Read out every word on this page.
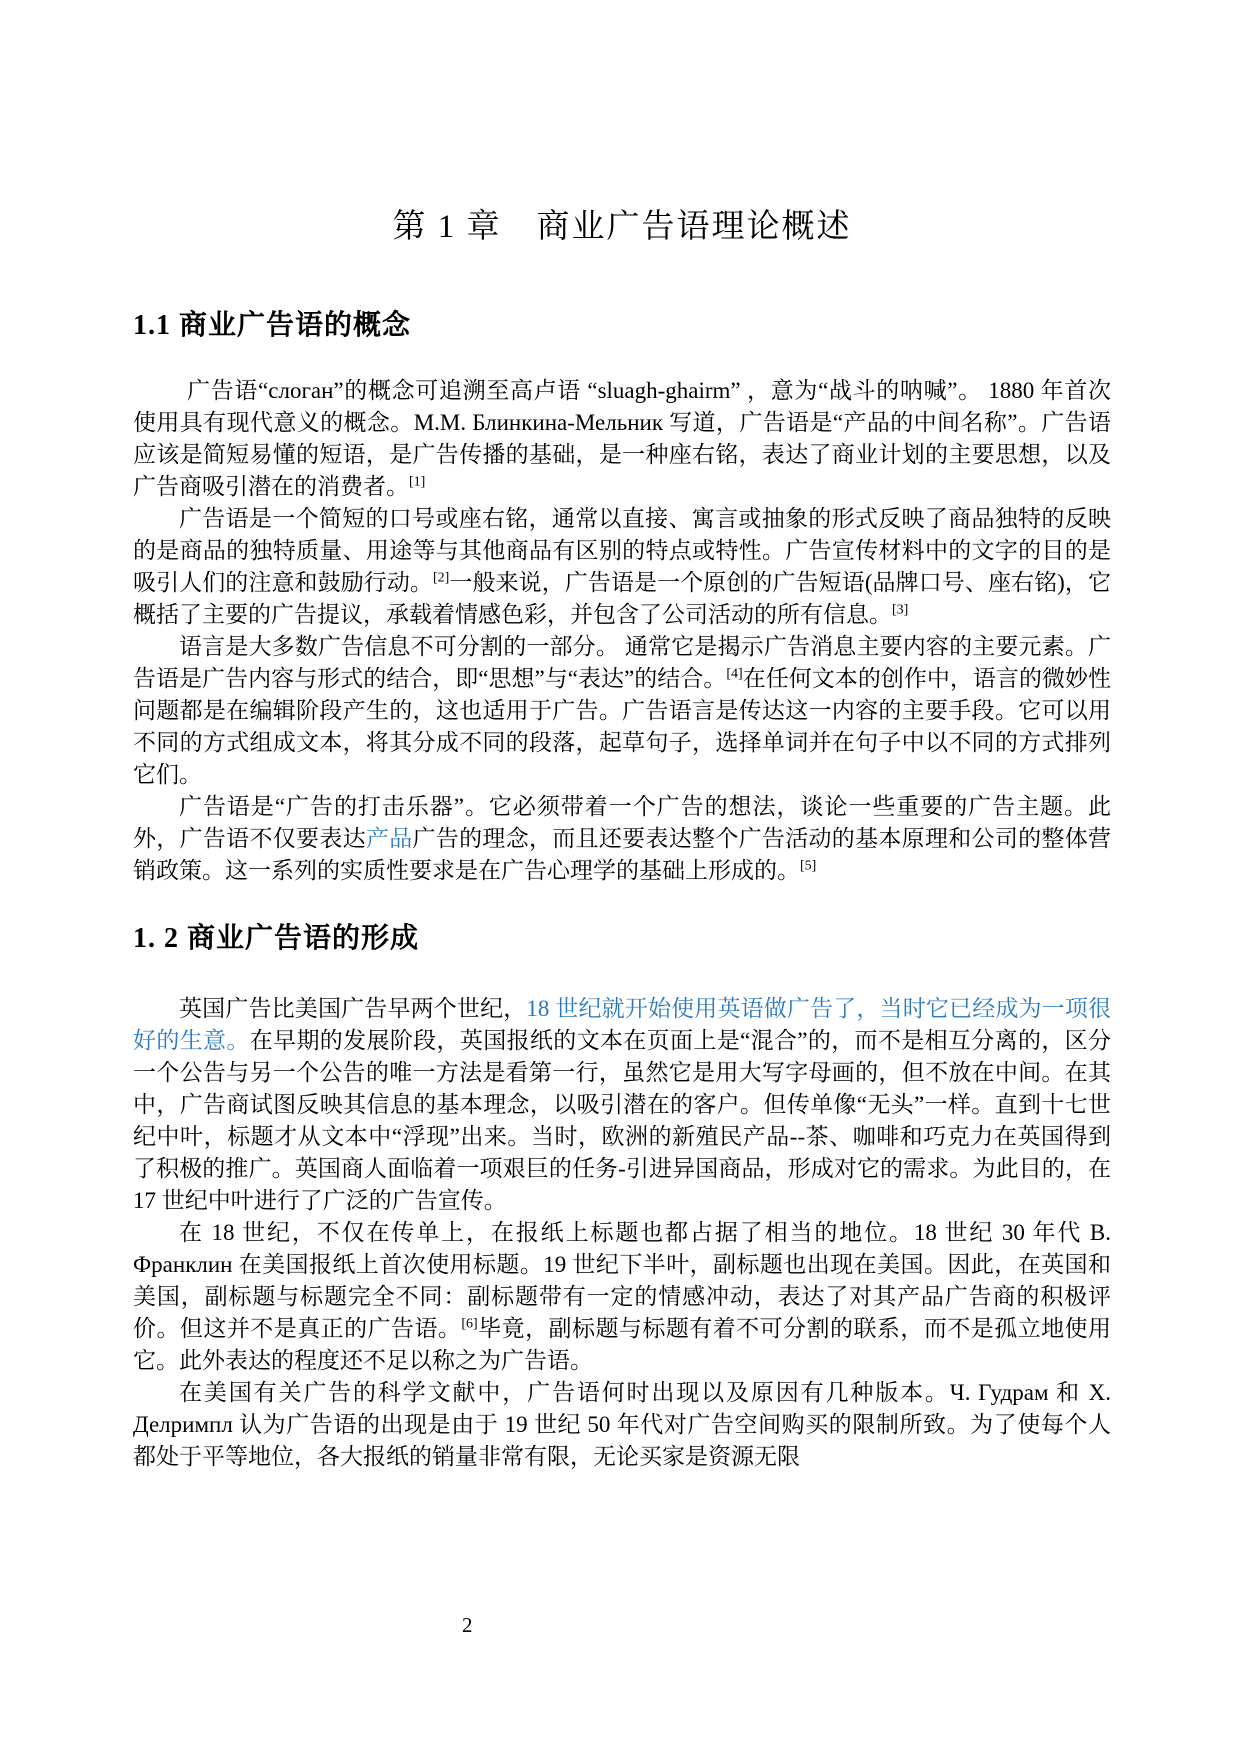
第 1 章　商业广告语理论概述
1.1 商业广告语的概念

广告语“слоган”的概念可追溯至高卢语 “sluagh-ghairm” ，意为“战斗的呐喊”。 1880 年首次使用具有现代意义的概念。М.М. Блинкина-Мельник 写道，广告语是“产品的中间名称”。广告语应该是简短易懂的短语，是广告传播的基础，是一种座右铭，表达了商业计划的主要思想，以及广告商吸引潜在的消费者。[1]

广告语是一个简短的口号或座右铭，通常以直接、寓言或抽象的形式反映了商品独特的反映的是商品的独特质量、用途等与其他商品有区别的特点或特性。广告宣传材料中的文字的目的是吸引人们的注意和鼓励行动。[2]一般来说，广告语是一个原创的广告短语(品牌口号、座右铭)，它概括了主要的广告提议，承载着情感色彩，并包含了公司活动的所有信息。[3]

语言是大多数广告信息不可分割的一部分。 通常它是揭示广告消息主要内容的主要元素。广告语是广告内容与形式的结合，即“思想”与“表达”的结合。[4]在任何文本的创作中，语言的微妙性问题都是在编辑阶段产生的，这也适用于广告。广告语言是传达这一内容的主要手段。它可以用不同的方式组成文本，将其分成不同的段落，起草句子，选择单词并在句子中以不同的方式排列它们。

广告语是“广告的打击乐器”。它必须带着一个广告的想法，谈论一些重要的广告主题。此外，广告语不仅要表达产品广告的理念，而且还要表达整个广告活动的基本原理和公司的整体营销政策。这一系列的实质性要求是在广告心理学的基础上形成的。[5]

1. 2 商业广告语的形成

英国广告比美国广告早两个世纪，18 世纪就开始使用英语做广告了，当时它已经成为一项很好的生意。在早期的发展阶段，英国报纸的文本在页面上是“混合”的，而不是相互分离的，区分一个公告与另一个公告的唯一方法是看第一行，虽然它是用大写字母画的，但不放在中间。在其中，广告商试图反映其信息的基本理念，以吸引潜在的客户。但传单像“无头”一样。直到十七世纪中叶，标题才从文本中“浮现”出来。当时，欧洲的新殖民产品--茶、咖啡和巧克力在英国得到了积极的推广。英国商人面临着一项艰巨的任务-引进异国商品，形成对它的需求。为此目的，在 17 世纪中叶进行了广泛的广告宣传。

在 18 世纪，不仅在传单上，在报纸上标题也都占据了相当的地位。18 世纪 30 年代 В. Франклин 在美国报纸上首次使用标题。19 世纪下半叶，副标题也出现在美国。因此，在英国和美国，副标题与标题完全不同：副标题带有一定的情感冲动，表达了对其产品广告商的积极评价。但这并不是真正的广告语。[6]毕竟，副标题与标题有着不可分割的联系，而不是孤立地使用它。此外表达的程度还不足以称之为广告语。

在美国有关广告的科学文献中，广告语何时出现以及原因有几种版本。Ч. Гудрам 和 Х. Делримпл 认为广告语的出现是由于 19 世纪 50 年代对广告空间购买的限制所致。为了使每个人都处于平等地位，各大报纸的销量非常有限，无论买家是资源无限

2
